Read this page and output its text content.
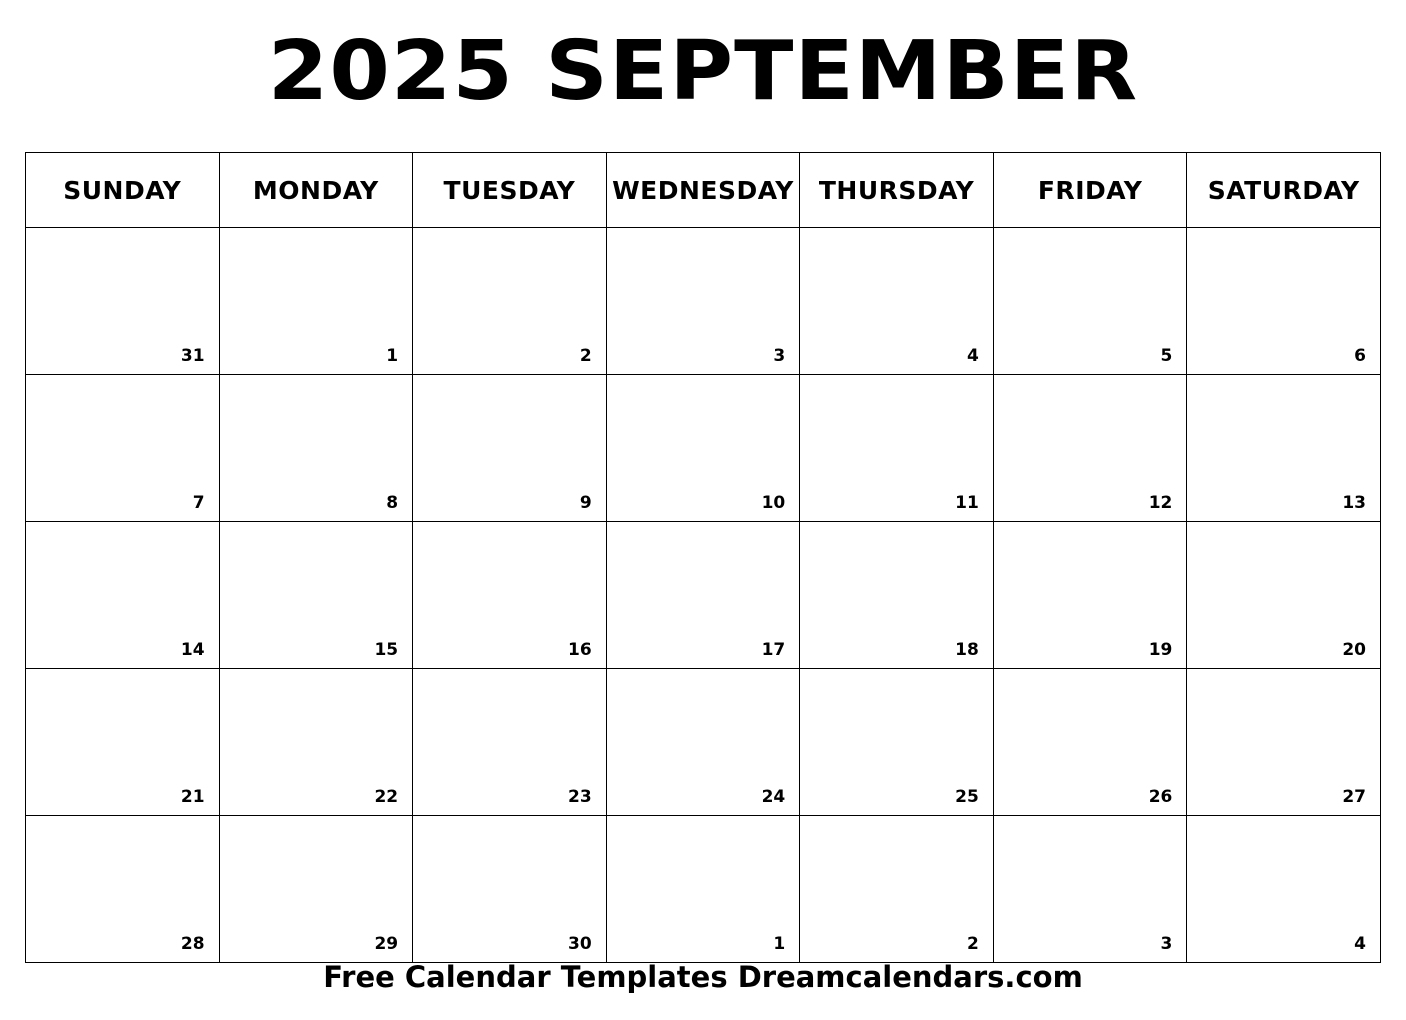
2025 SEPTEMBER
SUNDAY	MONDAY	TUESDAY	WEDNESDAY	THURSDAY	FRIDAY	SATURDAY
31	1	2	3	4	5	6
7	8	9	10	11	12	13
14	15	16	17	18	19	20
21	22	23	24	25	26	27
28	29	30	1	2	3	4
Free Calendar Templates Dreamcalendars.com
